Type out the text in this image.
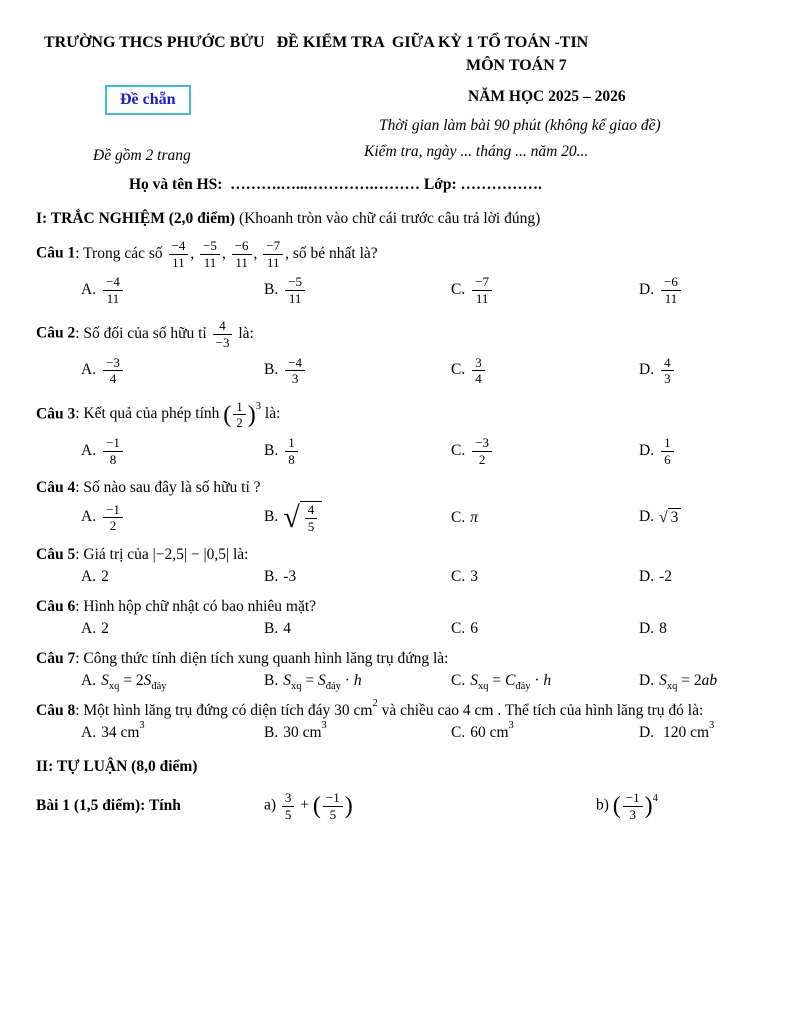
TRƯỜNG THCS PHƯỚC BỬU   ĐỀ KIỂM TRA  GIỮA KỲ 1 TỔ TOÁN -TIN
MÔN TOÁN 7
Đề chẵn	NĂM HỌC 2025 – 2026
Thời gian làm bài 90 phút (không kể giao đề)
Đề gồm 2 trang	Kiểm tra, ngày ... tháng ... năm 20...
Họ và tên HS:  ……….…...………….……… Lớp: …………….
I: TRẮC NGHIỆM (2,0 điểm) (Khoanh tròn vào chữ cái trước câu trả lời đúng)
Câu 1: Trong các số $\frac{-4}{11}$ , $\frac{-5}{11}$ , $\frac{-6}{11}$ , $\frac{-7}{11}$ , số bé nhất là?
A. $\frac{-4}{11}$	B. $\frac{-5}{11}$	C. $\frac{-7}{11}$	D. $\frac{-6}{11}$
Câu 2: Số đối của số hữu tỉ $\frac{4}{-3}$ là:
A. $\frac{-3}{4}$	B. $\frac{-4}{3}$	C. $\frac{3}{4}$	D. $\frac{4}{3}$
Câu 3: Kết quả của phép tính ( $\frac{1}{2}$ ) $^3$ là:
A. $\frac{-1}{8}$	B. $\frac{1}{8}$	C. $\frac{-3}{2}$	D. $\frac{1}{6}$
Câu 4: Số nào sau đây là số hữu tỉ ?
A. $\frac{-1}{2}$	B. √ $\frac{4}{5}$	C. π	D. √ 3
Câu 5: Giá trị của |−2,5| − |0,5| là:
A. 2	B. -3	C. 3	D. -2
Câu 6: Hình hộp chữ nhật có bao nhiêu mặt?
A. 2	B. 4	C. 6	D. 8
Câu 7: Công thức tính diện tích xung quanh hình lăng trụ đứng là:
A. $S_{xq} = 2S_{đáy}$	B. $S_{xq} = S_{đáy} \cdot h$	C. $S_{xq} = C_{đáy} \cdot h$	D. $S_{xq} = 2ab$
Câu 8: Một hình lăng trụ đứng có diện tích đáy 30 $cm^2$ và chiều cao 4 cm . Thể tích của hình lăng trụ đó là:
A. 34 $cm^3$	B. 30 $cm^3$	C. 60 $cm^3$	D. 120 $cm^3$
II: TỰ LUẬN (8,0 điểm)
Bài 1 (1,5 điểm): Tính	$a) \frac{3}{5}$ + ( $\frac{-1}{5}$ )	b) ( $\frac{-1}{3}$ ) $^4$
